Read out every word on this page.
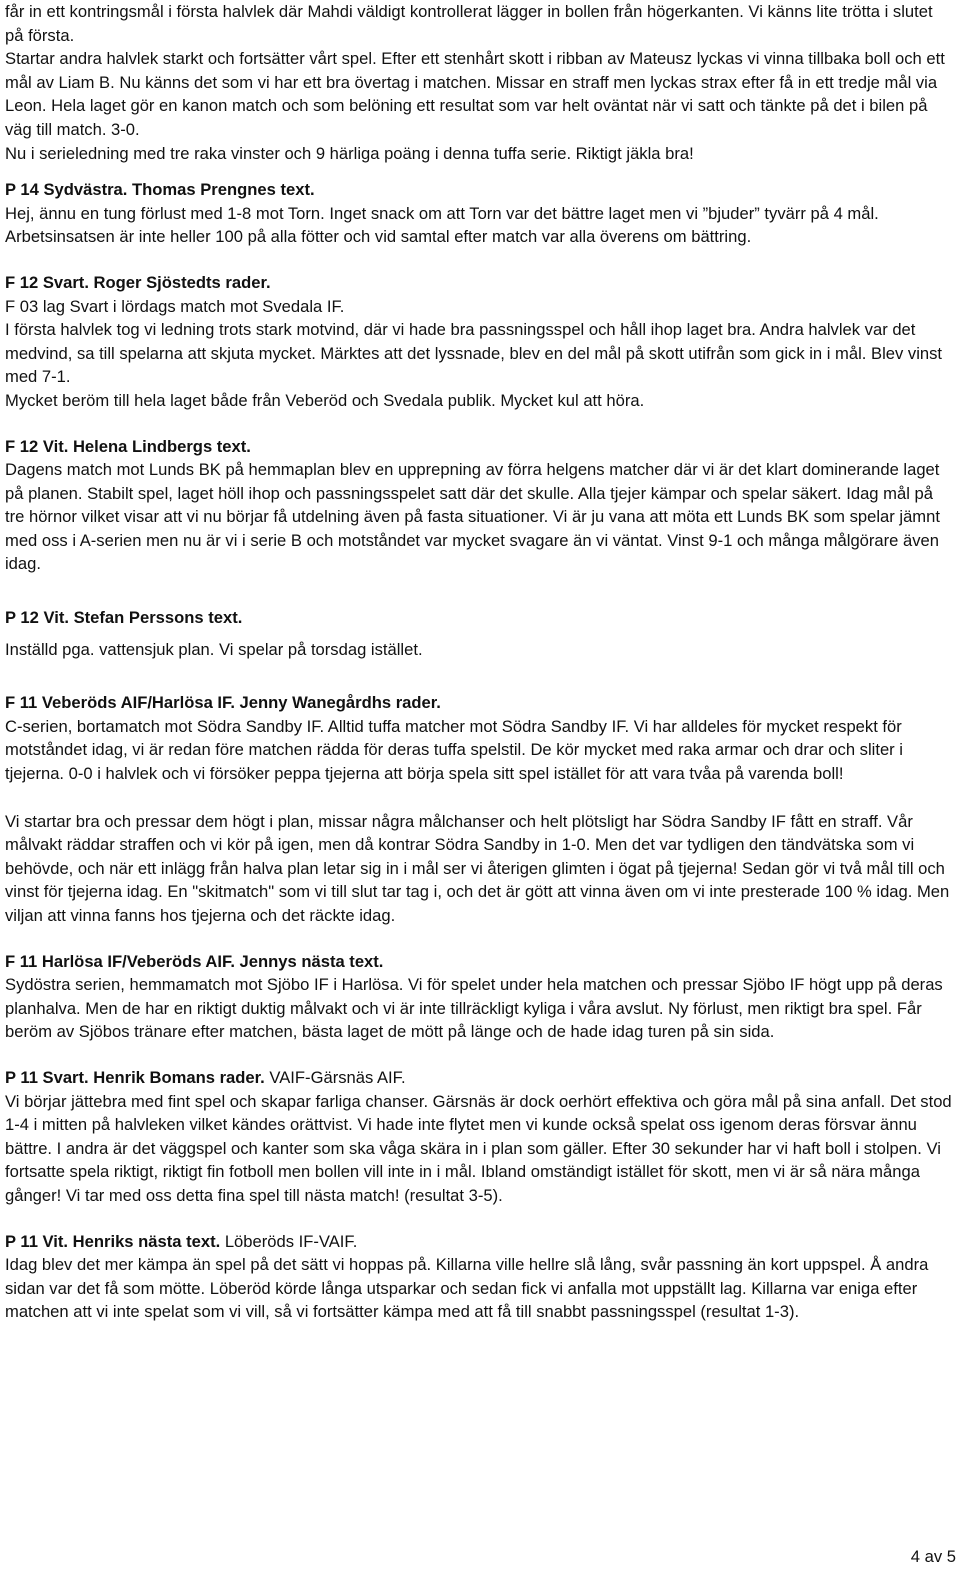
får in ett kontringsmål i första halvlek där Mahdi väldigt kontrollerat lägger in bollen från högerkanten. Vi känns lite trötta i slutet på första.

Startar andra halvlek starkt och fortsätter vårt spel. Efter ett stenhårt skott i ribban av Mateusz lyckas vi vinna tillbaka boll och ett mål av Liam B. Nu känns det som vi har ett bra övertag i matchen. Missar en straff men lyckas strax efter få in ett tredje mål via Leon. Hela laget gör en kanon match och som belöning ett resultat som var helt oväntat när vi satt och tänkte på det i bilen på väg till match. 3-0.

Nu i serieledning med tre raka vinster och 9 härliga poäng i denna tuffa serie. Riktigt jäkla bra!

P 14 Sydvästra. Thomas Prengnes text.

Hej, ännu en tung förlust med 1-8 mot Torn. Inget snack om att Torn var det bättre laget men vi ”bjuder” tyvärr på 4 mål. Arbetsinsatsen är inte heller 100 på alla fötter och vid samtal efter match var alla överens om bättring.

F 12 Svart. Roger Sjöstedts rader.

F 03 lag Svart i lördags match mot Svedala IF.

I första halvlek tog vi ledning trots stark motvind, där vi hade bra passningsspel och håll ihop laget bra. Andra halvlek var det medvind, sa till spelarna att skjuta mycket. Märktes att det lyssnade, blev en del mål på skott utifrån som gick in i mål. Blev vinst med 7-1.

Mycket beröm till hela laget både från Veberöd och Svedala publik. Mycket kul att höra.

F 12 Vit. Helena Lindbergs text.

Dagens match mot Lunds BK på hemmaplan blev en upprepning av förra helgens matcher där vi är det klart dominerande laget på planen. Stabilt spel, laget höll ihop och passningsspelet satt där det skulle. Alla tjejer kämpar och spelar säkert. Idag mål på tre hörnor vilket visar att vi nu börjar få utdelning även på fasta situationer. Vi är ju vana att möta ett Lunds BK som spelar jämnt med oss i A-serien men nu är vi i serie B och motståndet var mycket svagare än vi väntat. Vinst 9-1 och många målgörare även idag.

P 12 Vit. Stefan Perssons text.

Inställd pga. vattensjuk plan. Vi spelar på torsdag istället.

F 11 Veberöds AIF/Harlösa IF. Jenny Wanegårdhs rader.

C-serien, bortamatch mot Södra Sandby IF. Alltid tuffa matcher mot Södra Sandby IF. Vi har alldeles för mycket respekt för motståndet idag, vi är redan före matchen rädda för deras tuffa spelstil. De kör mycket med raka armar och drar och sliter i tjejerna. 0-0 i halvlek och vi försöker peppa tjejerna att börja spela sitt spel istället för att vara tvåa på varenda boll!

Vi startar bra och pressar dem högt i plan, missar några målchanser och helt plötsligt har Södra Sandby IF fått en straff. Vår målvakt räddar straffen och vi kör på igen, men då kontrar Södra Sandby in 1-0. Men det var tydligen den tändvätska som vi behövde, och när ett inlägg från halva plan letar sig in i mål ser vi återigen glimten i ögat på tjejerna! Sedan gör vi två mål till och vinst för tjejerna idag. En "skitmatch" som vi till slut tar tag i, och det är gött att vinna även om vi inte presterade 100 % idag. Men viljan att vinna fanns hos tjejerna och det räckte idag.

F 11 Harlösa IF/Veberöds AIF. Jennys nästa text.

Sydöstra serien, hemmamatch mot Sjöbo IF i Harlösa. Vi för spelet under hela matchen och pressar Sjöbo IF högt upp på deras planhalva. Men de har en riktigt duktig målvakt och vi är inte tillräckligt kyliga i våra avslut. Ny förlust, men riktigt bra spel. Får beröm av Sjöbos tränare efter matchen, bästa laget de mött på länge och de hade idag turen på sin sida.

P 11 Svart. Henrik Bomans rader. VAIF-Gärsnäs AIF.

Vi börjar jättebra med fint spel och skapar farliga chanser. Gärsnäs är dock oerhört effektiva och göra mål på sina anfall. Det stod 1-4 i mitten på halvleken vilket kändes orättvist. Vi hade inte flytet men vi kunde också spelat oss igenom deras försvar ännu bättre. I andra är det väggspel och kanter som ska våga skära in i plan som gäller. Efter 30 sekunder har vi haft boll i stolpen. Vi fortsatte spela riktigt, riktigt fin fotboll men bollen vill inte in i mål. Ibland omständigt istället för skott, men vi är så nära många gånger! Vi tar med oss detta fina spel till nästa match! (resultat 3-5).

P 11 Vit. Henriks nästa text. Löberöds IF-VAIF.

Idag blev det mer kämpa än spel på det sätt vi hoppas på. Killarna ville hellre slå lång, svår passning än kort uppspel. Å andra sidan var det få som mötte. Löberöd körde långa utsparkar och sedan fick vi anfalla mot uppställt lag. Killarna var eniga efter matchen att vi inte spelat som vi vill, så vi fortsätter kämpa med att få till snabbt passningsspel (resultat 1-3).

4 av 5
